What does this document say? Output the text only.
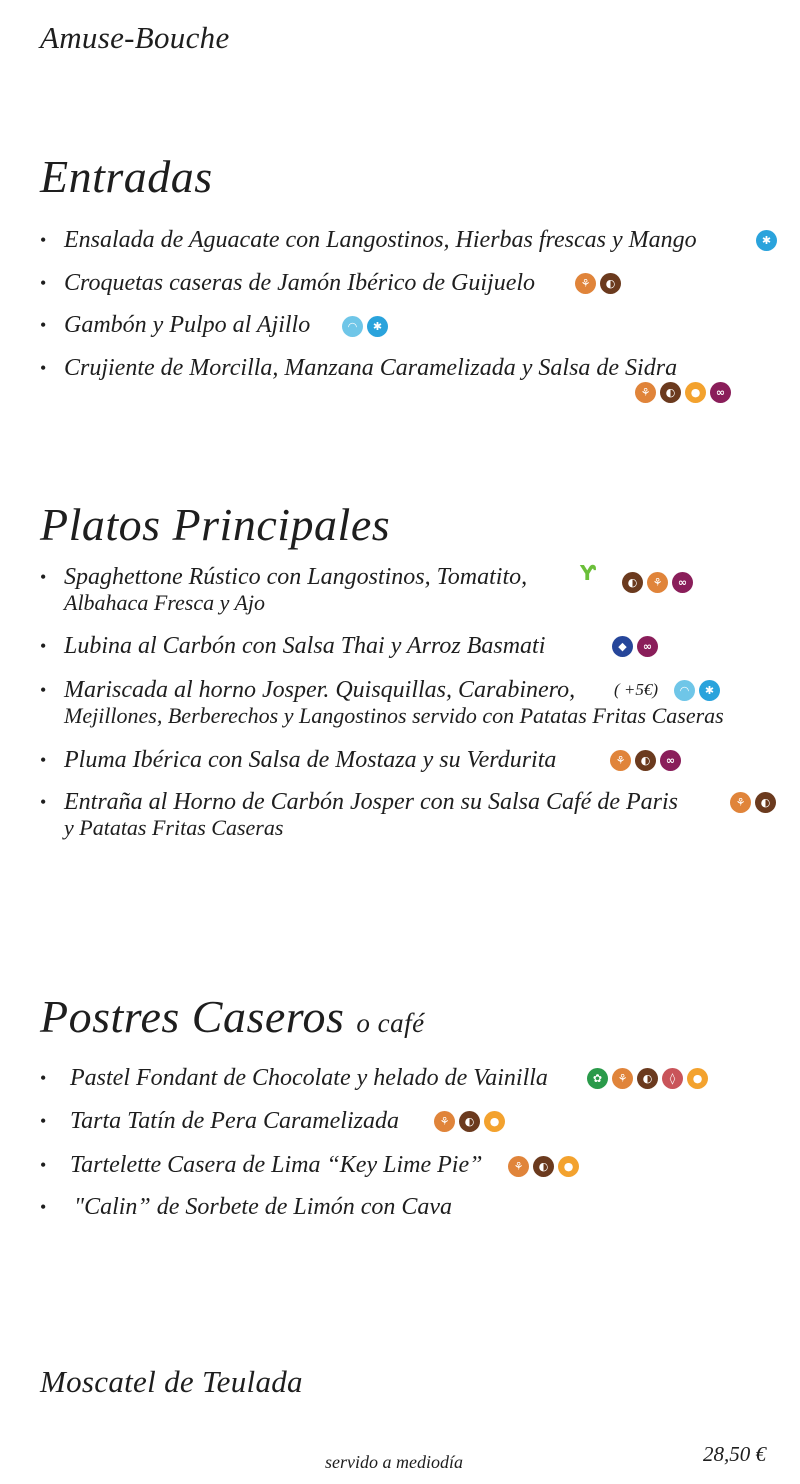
Amuse-Bouche
Entradas
• Ensalada de Aguacate con Langostinos, Hierbas frescas y Mango	✱
• Croquetas caseras de Jamón Ibérico de Guijuelo	⚘	◐
• Gambón y Pulpo al Ajillo	◠	✱
• Crujiente de Morcilla, Manzana Caramelizada y Salsa de Sidra
⚘	◐	●	∞
Platos Principales
• Spaghettone Rústico con Langostinos, Tomatito,
Albahaca Fresca y Ajo
Ƴ	◐	⚘	∞
• Lubina al Carbón con Salsa Thai y Arroz Basmati	◆	∞
• Mariscada al horno Josper. Quisquillas, Carabinero,
Mejillones, Berberechos y Langostinos servido con Patatas Fritas Caseras
( +5€)	◠	✱
• Pluma Ibérica con Salsa de Mostaza y su Verdurita	⚘	◐	∞
• Entraña al Horno de Carbón Josper con su Salsa Café de Paris
y Patatas Fritas Caseras
⚘	◐
Postres Caseros o café
• Pastel Fondant de Chocolate y helado de Vainilla	✿	⚘	◐	◊	●
• Tarta Tatín de Pera Caramelizada	⚘	◐	●
• Tartelette Casera de Lima “Key Lime Pie”	⚘	◐	●
• "Calin” de Sorbete de Limón con Cava
Moscatel de Teulada
servido a mediodía	28,50 €
